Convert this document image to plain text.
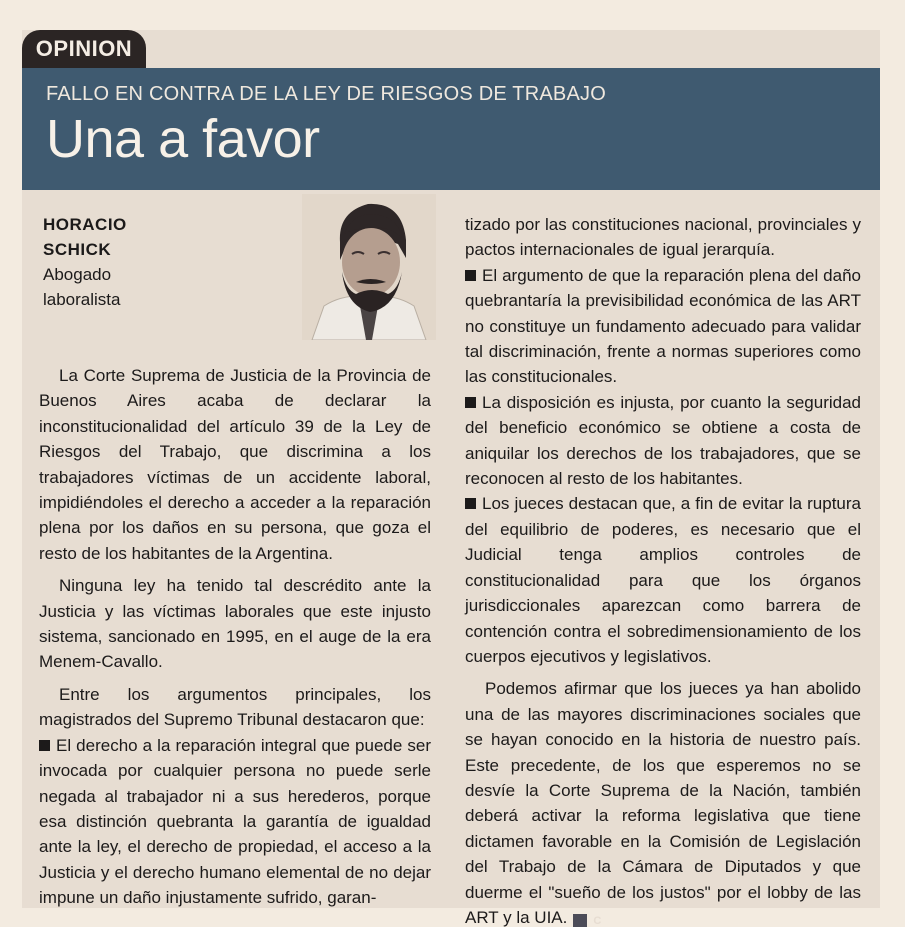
OPINION
FALLO EN CONTRA DE LA LEY DE RIESGOS DE TRABAJO
Una a favor
HORACIO
SCHICK
Abogado
laboralista

La Corte Suprema de Justicia de la Provincia de Buenos Aires acaba de declarar la inconstitucionalidad del artículo 39 de la Ley de Riesgos del Trabajo, que discrimina a los trabajadores víctimas de un accidente laboral, impidiéndoles el derecho a acceder a la reparación plena por los daños en su persona, que goza el resto de los habitantes de la Argentina.

Ninguna ley ha tenido tal descrédito ante la Justicia y las víctimas laborales que este injusto sistema, sancionado en 1995, en el auge de la era Menem-Cavallo.

Entre los argumentos principales, los magistrados del Supremo Tribunal destacaron que:

El derecho a la reparación integral que puede ser invocada por cualquier persona no puede serle negada al trabajador ni a sus herederos, porque esa distinción quebranta la garantía de igualdad ante la ley, el derecho de propiedad, el acceso a la Justicia y el derecho humano elemental de no dejar impune un daño injustamente sufrido, garan-

tizado por las constituciones nacional, provinciales y pactos internacionales de igual jerarquía.

El argumento de que la reparación plena del daño quebrantaría la previsibilidad económica de las ART no constituye un fundamento adecuado para validar tal discriminación, frente a normas superiores como las constitucionales.

La disposición es injusta, por cuanto la seguridad del beneficio económico se obtiene a costa de aniquilar los derechos de los trabajadores, que se reconocen al resto de los habitantes.

Los jueces destacan que, a fin de evitar la ruptura del equilibrio de poderes, es necesario que el Judicial tenga amplios controles de constitucionalidad para que los órganos jurisdiccionales aparezcan como barrera de contención contra el sobredimensionamiento de los cuerpos ejecutivos y legislativos.

Podemos afirmar que los jueces ya han abolido una de las mayores discriminaciones sociales que se hayan conocido en la historia de nuestro país. Este precedente, de los que esperemos no se desvíe la Corte Suprema de la Nación, también deberá activar la reforma legislativa que tiene dictamen favorable en la Comisión de Legislación del Trabajo de la Cámara de Diputados y que duerme el "sueño de los justos" por el lobby de las ART y la UIA. C
